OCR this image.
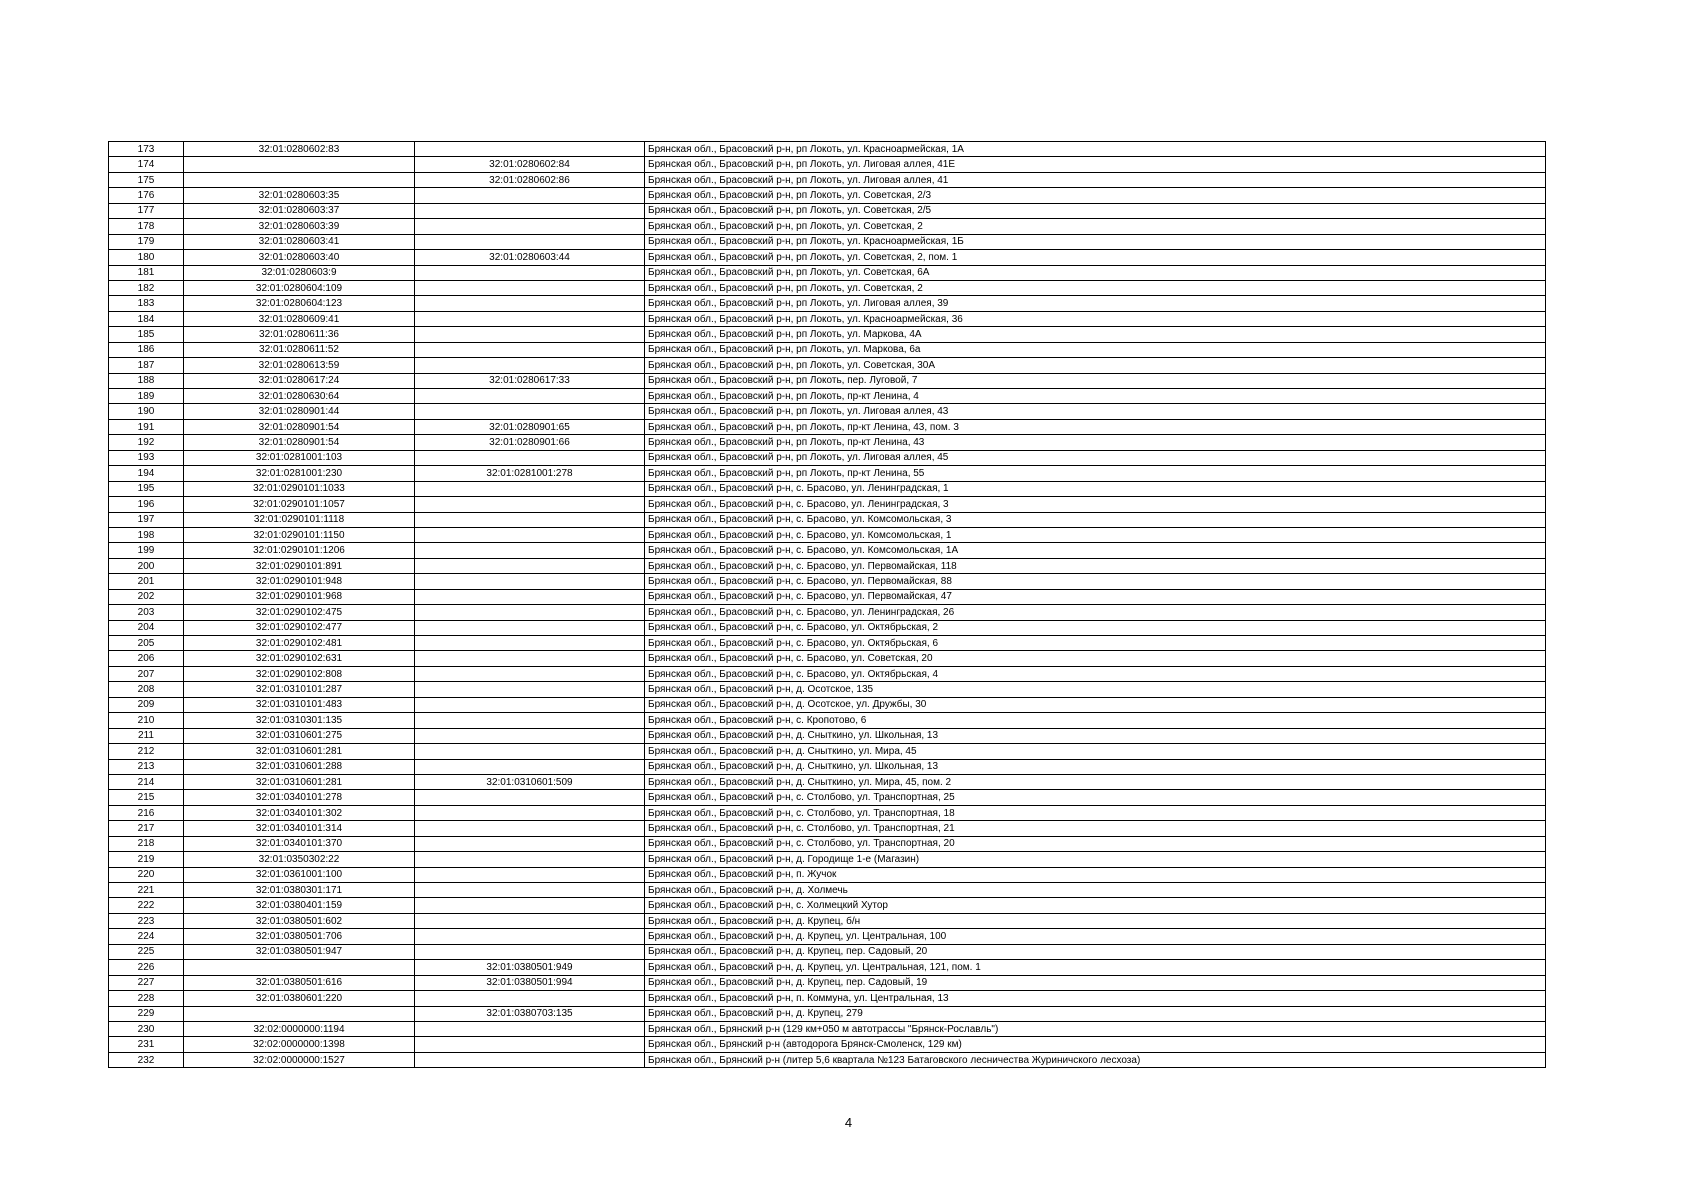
173	32:01:0280602:83		Брянская обл., Брасовский р-н, рп Локоть, ул. Красноармейская, 1А
174		32:01:0280602:84	Брянская обл., Брасовский р-н, рп Локоть, ул. Лиговая аллея, 41Е
175		32:01:0280602:86	Брянская обл., Брасовский р-н, рп Локоть, ул. Лиговая аллея, 41
176	32:01:0280603:35		Брянская обл., Брасовский р-н, рп Локоть, ул. Советская, 2/3
177	32:01:0280603:37		Брянская обл., Брасовский р-н, рп Локоть, ул. Советская, 2/5
178	32:01:0280603:39		Брянская обл., Брасовский р-н, рп Локоть, ул. Советская, 2
179	32:01:0280603:41		Брянская обл., Брасовский р-н, рп Локоть, ул. Красноармейская, 1Б
180	32:01:0280603:40	32:01:0280603:44	Брянская обл., Брасовский р-н, рп Локоть, ул. Советская, 2, пом. 1
181	32:01:0280603:9		Брянская обл., Брасовский р-н, рп Локоть, ул. Советская, 6А
182	32:01:0280604:109		Брянская обл., Брасовский р-н, рп Локоть, ул. Советская, 2
183	32:01:0280604:123		Брянская обл., Брасовский р-н, рп Локоть, ул. Лиговая аллея, 39
184	32:01:0280609:41		Брянская обл., Брасовский р-н, рп Локоть, ул. Красноармейская, 36
185	32:01:0280611:36		Брянская обл., Брасовский р-н, рп Локоть, ул. Маркова, 4А
186	32:01:0280611:52		Брянская обл., Брасовский р-н, рп Локоть, ул. Маркова, 6а
187	32:01:0280613:59		Брянская обл., Брасовский р-н, рп Локоть, ул. Советская, 30А
188	32:01:0280617:24	32:01:0280617:33	Брянская обл., Брасовский р-н, рп Локоть, пер. Луговой, 7
189	32:01:0280630:64		Брянская обл., Брасовский р-н, рп Локоть, пр-кт Ленина, 4
190	32:01:0280901:44		Брянская обл., Брасовский р-н, рп Локоть, ул. Лиговая аллея, 43
191	32:01:0280901:54	32:01:0280901:65	Брянская обл., Брасовский р-н, рп Локоть, пр-кт Ленина, 43, пом. 3
192	32:01:0280901:54	32:01:0280901:66	Брянская обл., Брасовский р-н, рп Локоть, пр-кт Ленина, 43
193	32:01:0281001:103		Брянская обл., Брасовский р-н, рп Локоть, ул. Лиговая аллея, 45
194	32:01:0281001:230	32:01:0281001:278	Брянская обл., Брасовский р-н, рп Локоть, пр-кт Ленина, 55
195	32:01:0290101:1033		Брянская обл., Брасовский р-н, с. Брасово, ул. Ленинградская, 1
196	32:01:0290101:1057		Брянская обл., Брасовский р-н, с. Брасово, ул. Ленинградская, 3
197	32:01:0290101:1118		Брянская обл., Брасовский р-н, с. Брасово, ул. Комсомольская, 3
198	32:01:0290101:1150		Брянская обл., Брасовский р-н, с. Брасово, ул. Комсомольская, 1
199	32:01:0290101:1206		Брянская обл., Брасовский р-н, с. Брасово, ул. Комсомольская, 1А
200	32:01:0290101:891		Брянская обл., Брасовский р-н, с. Брасово, ул. Первомайская, 118
201	32:01:0290101:948		Брянская обл., Брасовский р-н, с. Брасово, ул. Первомайская, 88
202	32:01:0290101:968		Брянская обл., Брасовский р-н, с. Брасово, ул. Первомайская, 47
203	32:01:0290102:475		Брянская обл., Брасовский р-н, с. Брасово, ул. Ленинградская, 26
204	32:01:0290102:477		Брянская обл., Брасовский р-н, с. Брасово, ул. Октябрьская, 2
205	32:01:0290102:481		Брянская обл., Брасовский р-н, с. Брасово, ул. Октябрьская, 6
206	32:01:0290102:631		Брянская обл., Брасовский р-н, с. Брасово, ул. Советская, 20
207	32:01:0290102:808		Брянская обл., Брасовский р-н, с. Брасово, ул. Октябрьская, 4
208	32:01:0310101:287		Брянская обл., Брасовский р-н, д. Осотское, 135
209	32:01:0310101:483		Брянская обл., Брасовский р-н, д. Осотское, ул. Дружбы, 30
210	32:01:0310301:135		Брянская обл., Брасовский р-н, с. Кропотово, 6
211	32:01:0310601:275		Брянская обл., Брасовский р-н, д. Сныткино, ул. Школьная, 13
212	32:01:0310601:281		Брянская обл., Брасовский р-н, д. Сныткино, ул. Мира, 45
213	32:01:0310601:288		Брянская обл., Брасовский р-н, д. Сныткино, ул. Школьная, 13
214	32:01:0310601:281	32:01:0310601:509	Брянская обл., Брасовский р-н, д. Сныткино, ул. Мира, 45, пом. 2
215	32:01:0340101:278		Брянская обл., Брасовский р-н, с. Столбово, ул. Транспортная, 25
216	32:01:0340101:302		Брянская обл., Брасовский р-н, с. Столбово, ул. Транспортная, 18
217	32:01:0340101:314		Брянская обл., Брасовский р-н, с. Столбово, ул. Транспортная, 21
218	32:01:0340101:370		Брянская обл., Брасовский р-н, с. Столбово, ул. Транспортная, 20
219	32:01:0350302:22		Брянская обл., Брасовский р-н, д. Городище 1-е (Магазин)
220	32:01:0361001:100		Брянская обл., Брасовский р-н, п. Жучок
221	32:01:0380301:171		Брянская обл., Брасовский р-н, д. Холмечь
222	32:01:0380401:159		Брянская обл., Брасовский р-н, с. Холмецкий Хутор
223	32:01:0380501:602		Брянская обл., Брасовский р-н, д. Крупец, б/н
224	32:01:0380501:706		Брянская обл., Брасовский р-н, д. Крупец, ул. Центральная, 100
225	32:01:0380501:947		Брянская обл., Брасовский р-н, д. Крупец, пер. Садовый, 20
226		32:01:0380501:949	Брянская обл., Брасовский р-н, д. Крупец, ул. Центральная, 121, пом. 1
227	32:01:0380501:616	32:01:0380501:994	Брянская обл., Брасовский р-н, д. Крупец, пер. Садовый, 19
228	32:01:0380601:220		Брянская обл., Брасовский р-н, п. Коммуна, ул. Центральная, 13
229		32:01:0380703:135	Брянская обл., Брасовский р-н, д. Крупец, 279
230	32:02:0000000:1194		Брянская обл., Брянский р-н (129 км+050 м автотрассы "Брянск-Рославль")
231	32:02:0000000:1398		Брянская обл., Брянский р-н (автодорога Брянск-Смоленск, 129 км)
232	32:02:0000000:1527		Брянская обл., Брянский р-н (литер 5,6 квартала №123 Батаговского лесничества Журиничского лесхоза)
4
